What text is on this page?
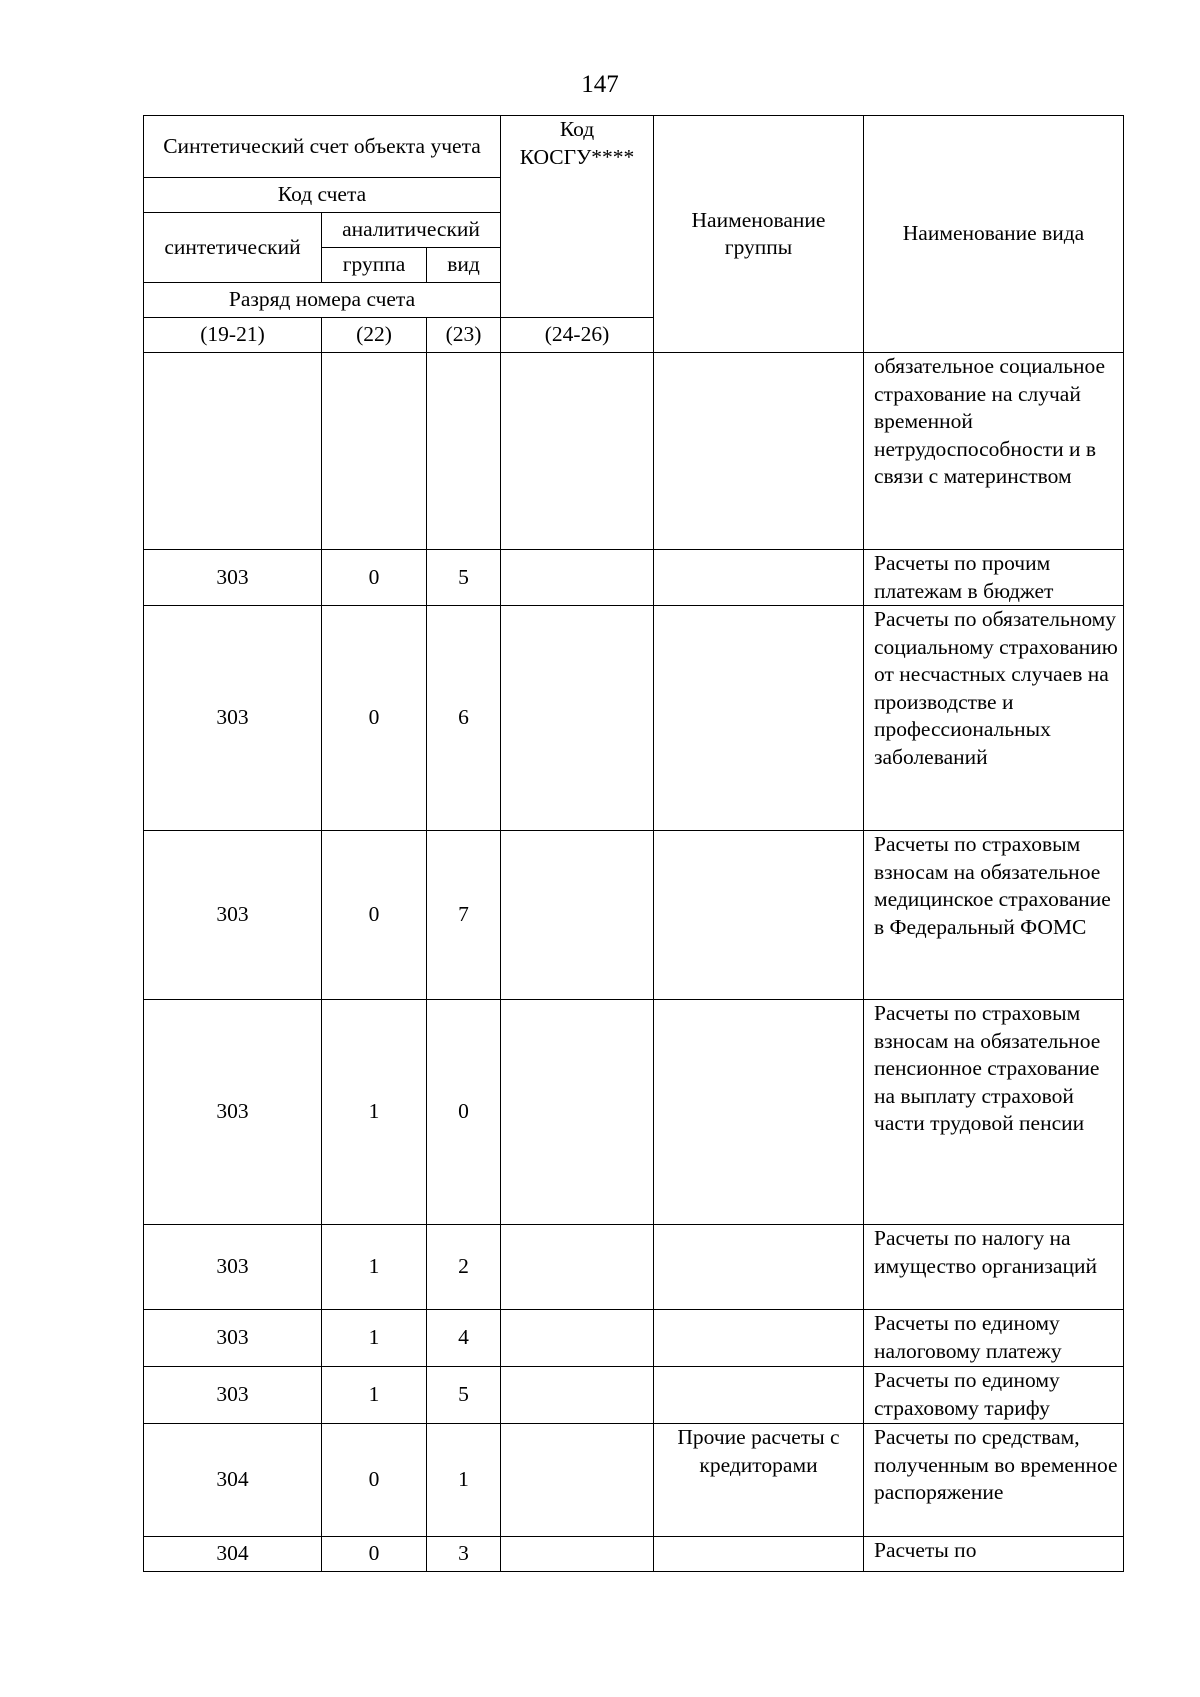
147
Синтетический счет объекта учета			Код КОСГУ****	Наименование группы	Наименование вида
Код счета					
синтетический	аналитический				
	группа	вид			
Разряд номера счета					
(19-21)	(22)	(23)	(24-26)		
					обязательное социальное страхование на случай временной нетрудоспособности и в связи с материнством
303	0	5			Расчеты по прочим платежам в бюджет
303	0	6			Расчеты по обязательному социальному страхованию от несчастных случаев на производстве и профессиональных заболеваний
303	0	7			Расчеты по страховым взносам на обязательное медицинское страхование в Федеральный ФОМС
303	1	0			Расчеты по страховым взносам на обязательное пенсионное страхование на выплату страховой части трудовой пенсии
303	1	2			Расчеты по налогу на имущество организаций
303	1	4			Расчеты по единому налоговому платежу
303	1	5			Расчеты по единому страховому тарифу
304	0	1		Прочие расчеты с кредиторами	Расчеты по средствам, полученным во временное распоряжение
304	0	3			Расчеты по
